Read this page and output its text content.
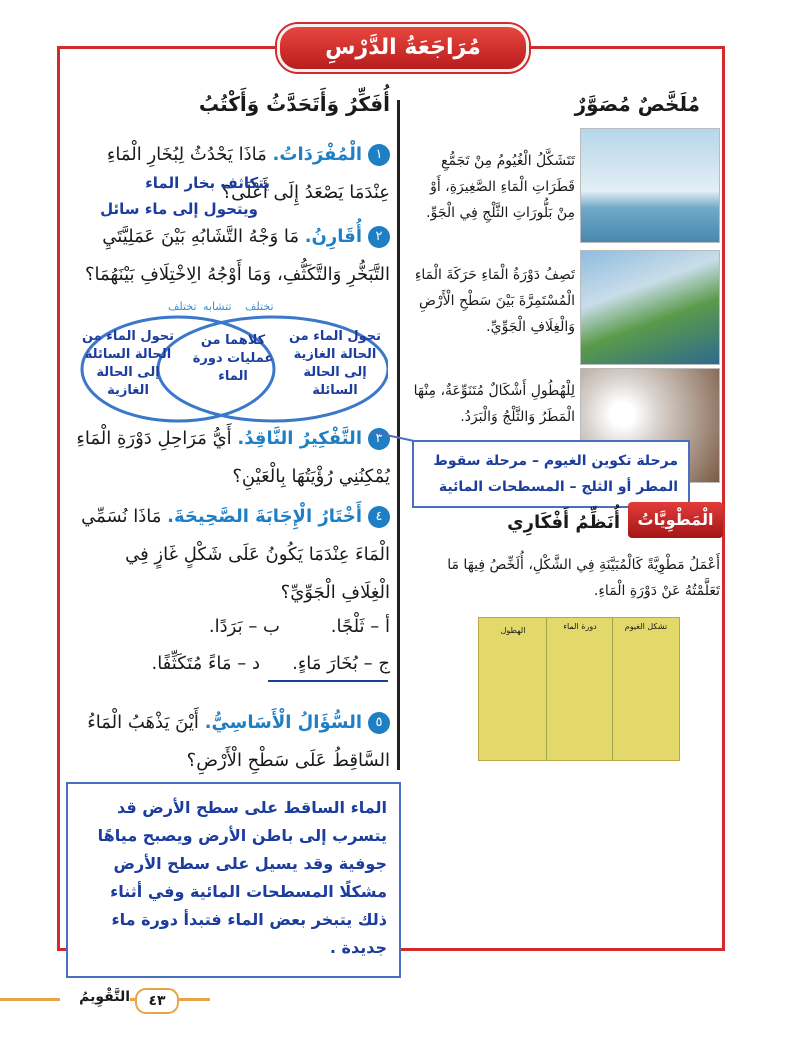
مُرَاجَعَةُ الدَّرْسِ
أُفَكِّرُ وَأَتَحَدَّثُ وَأَكْتُبُ
١الْمُفْرَدَاتُ. مَاذَا يَحْدُثُ لِبُخَارِ الْمَاءِ عِنْدَمَا يَصْعَدُ إِلَى أَعْلَى؟
يتكاثف بخار الماء
ويتحول إلى ماء سائل
٢أُقَارِنُ. مَا وَجْهُ التَّشَابُهِ بَيْنَ عَمَلِيَّتَيِ التَّبَخُّرِ وَالتَّكَثُّفِ، وَمَا أَوْجُهُ الِاخْتِلَافِ بَيْنَهُمَا؟
تختلف
تتشابه
تختلف
تحول الماء من الحالة الغازية إلى الحالة السائلة
كلاهما من عمليات دورة الماء
تحول الماء من الحالة السائلة إلى الحالة الغازية
٣التَّفْكِيرُ النَّاقِدُ. أَيُّ مَرَاحِلِ دَوْرَةِ الْمَاءِ يُمْكِنُنِي رُؤْيَتُهَا بِالْعَيْنِ؟
٤أَخْتَارُ الْإِجَابَةَ الصَّحِيحَةَ. مَاذَا نُسَمِّي الْمَاءَ عِنْدَمَا يَكُونُ عَلَى شَكْلٍ غَازٍ فِي الْغِلَافِ الْجَوِّيِّ؟
أ – ثَلْجًا.
ب – بَرَدًا.
ج – بُخَارَ مَاءٍ.
د – مَاءً مُتَكَثِّفًا.
٥السُّؤَالُ الْأَسَاسِيُّ. أَيْنَ يَذْهَبُ الْمَاءُ السَّاقِطُ عَلَى سَطْحِ الْأَرْضِ؟
الماء الساقط على سطح الأرض قد يتسرب إلى باطن الأرض ويصبح مياهًا جوفية وقد يسيل على سطح الأرض مشكلًا المسطحات المائية وفي أثناء ذلك يتبخر بعض الماء فتبدأ دورة ماء جديدة .
مُلَخَّصٌ مُصَوَّرٌ
تَتَشَكَّلُ الْغُيُومُ مِنْ تَجَمُّعِ قَطَرَاتِ الْمَاءِ الصَّغِيرَةِ، أَوْ مِنْ بَلُّورَاتِ الثَّلْجِ فِي الْجَوِّ.
تَصِفُ دَوْرَةُ الْمَاءِ حَرَكَةَ الْمَاءِ الْمُسْتَمِرَّةَ بَيْنَ سَطْحِ الْأَرْضِ وَالْغِلَافِ الْجَوِّيِّ.
لِلْهُطُولِ أَشْكَالٌ مُتَنَوِّعَةٌ، مِنْهَا الْمَطَرُ وَالثَّلْجُ وَالْبَرَدُ.
مرحلة تكوين الغيوم – مرحلة سقوط المطر أو الثلج – المسطحات المائية
الْمَطْوِيَّاتُ
أُنَظِّمُ أَفْكَارِي
أَعْمَلُ مَطْوِيَّةً كَالْمُبَيَّنَةِ فِي الشَّكْلِ، أُلَخِّصُ فِيهَا مَا تَعَلَّمْتُهُ عَنْ دَوْرَةِ الْمَاءِ.
تشكل الغيوم
دورة الماء
الهطول
٤٣
التَّقْوِيمُ
